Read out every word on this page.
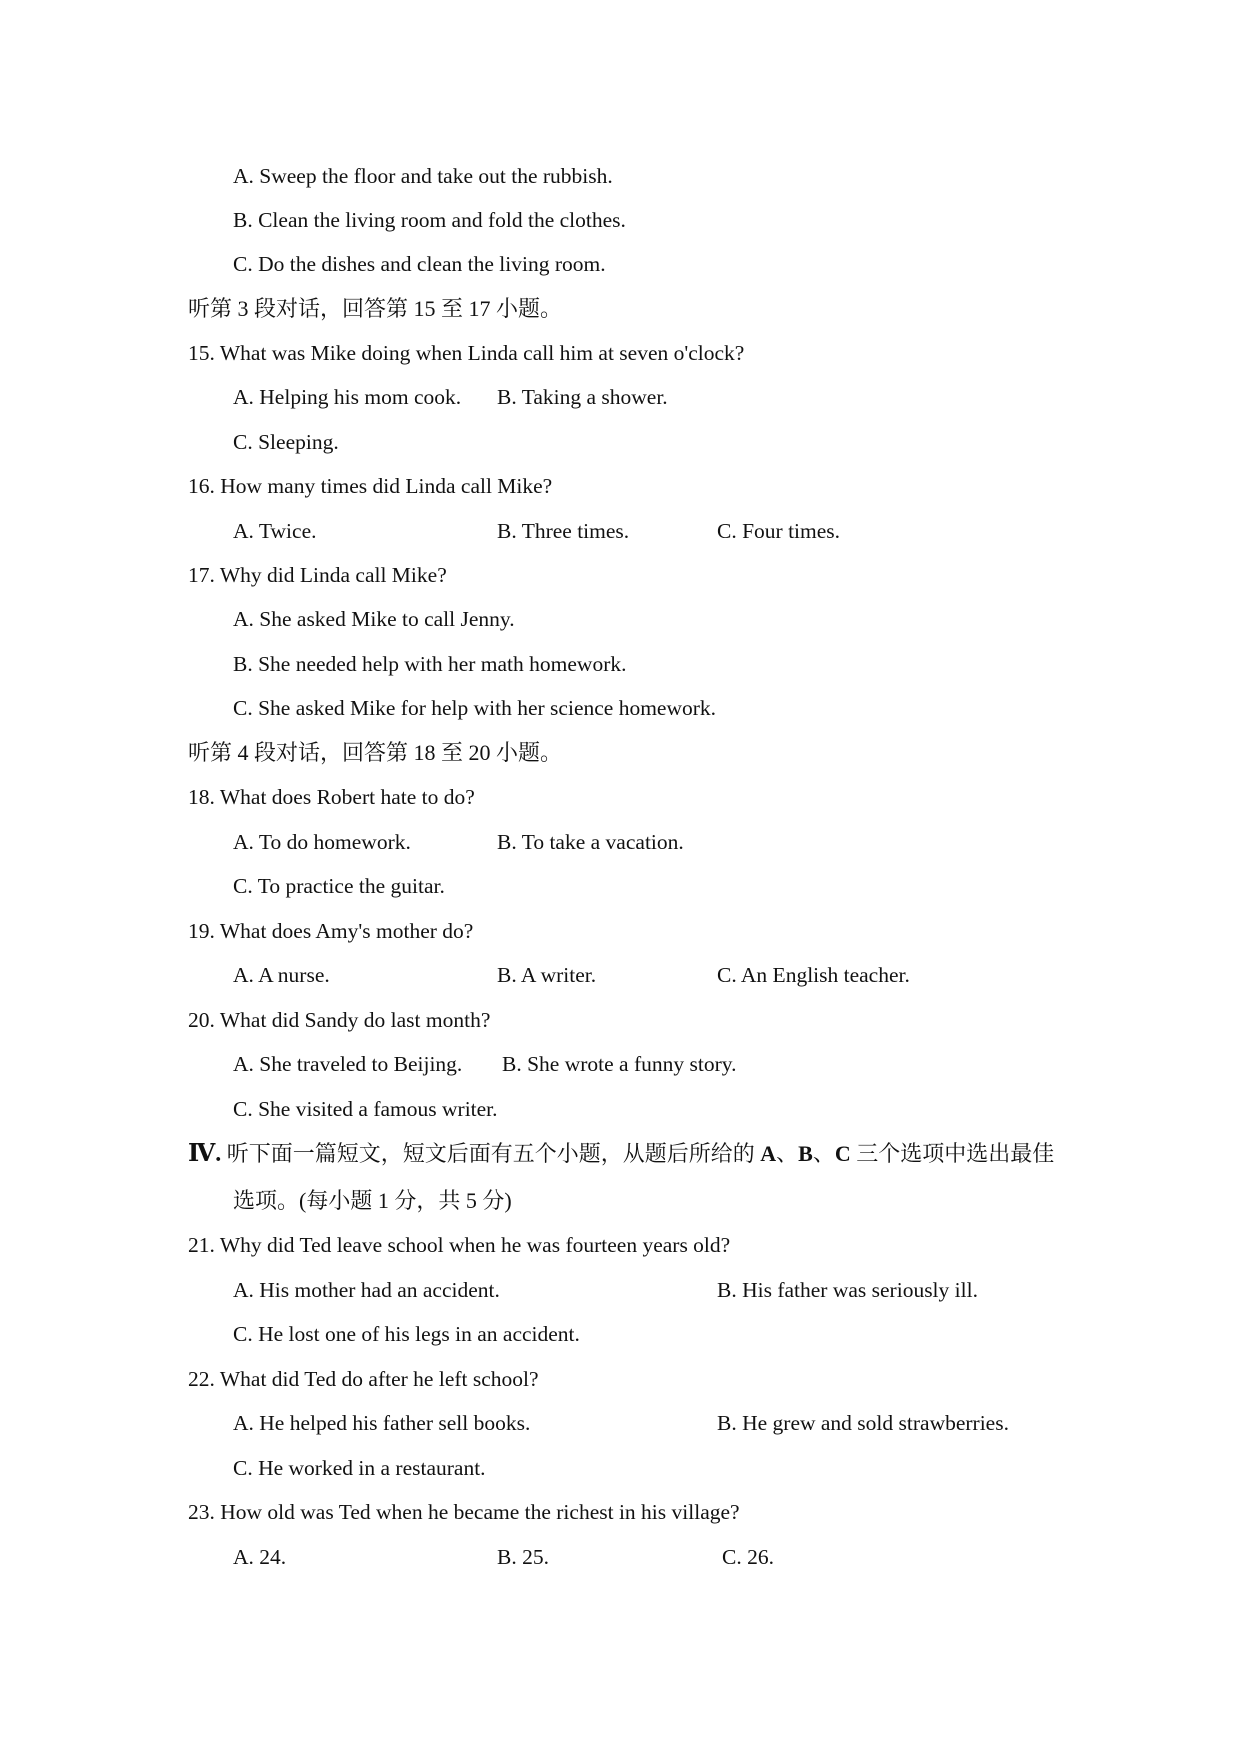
A. Sweep the floor and take out the rubbish.
B. Clean the living room and fold the clothes.
C. Do the dishes and clean the living room.
听第 3 段对话，回答第 15 至 17 小题。
15. What was Mike doing when Linda call him at seven o'clock?
A. Helping his mom cook. B. Taking a shower.
C. Sleeping.
16. How many times did Linda call Mike?
A. Twice.	B. Three times.	C. Four times.
17. Why did Linda call Mike?
A. She asked Mike to call Jenny.
B. She needed help with her math homework.
C. She asked Mike for help with her science homework.
听第 4 段对话，回答第 18 至 20 小题。
18. What does Robert hate to do?
A. To do homework.	B. To take a vacation.
C. To practice the guitar.
19. What does Amy's mother do?
A. A nurse.	B. A writer.	C. An English teacher.
20. What did Sandy do last month?
A. She traveled to Beijing. B. She wrote a funny story.
C. She visited a famous writer.
Ⅳ. 听下面一篇短文，短文后面有五个小题，从题后所给的 A、B、C 三个选项中选出最佳
选项。(每小题 1 分，共 5 分)
21. Why did Ted leave school when he was fourteen years old?
A. His mother had an accident.	B. His father was seriously ill.
C. He lost one of his legs in an accident.
22. What did Ted do after he left school?
A. He helped his father sell books.	B. He grew and sold strawberries.
C. He worked in a restaurant.
23. How old was Ted when he became the richest in his village?
A. 24.	B. 25.	C. 26.
